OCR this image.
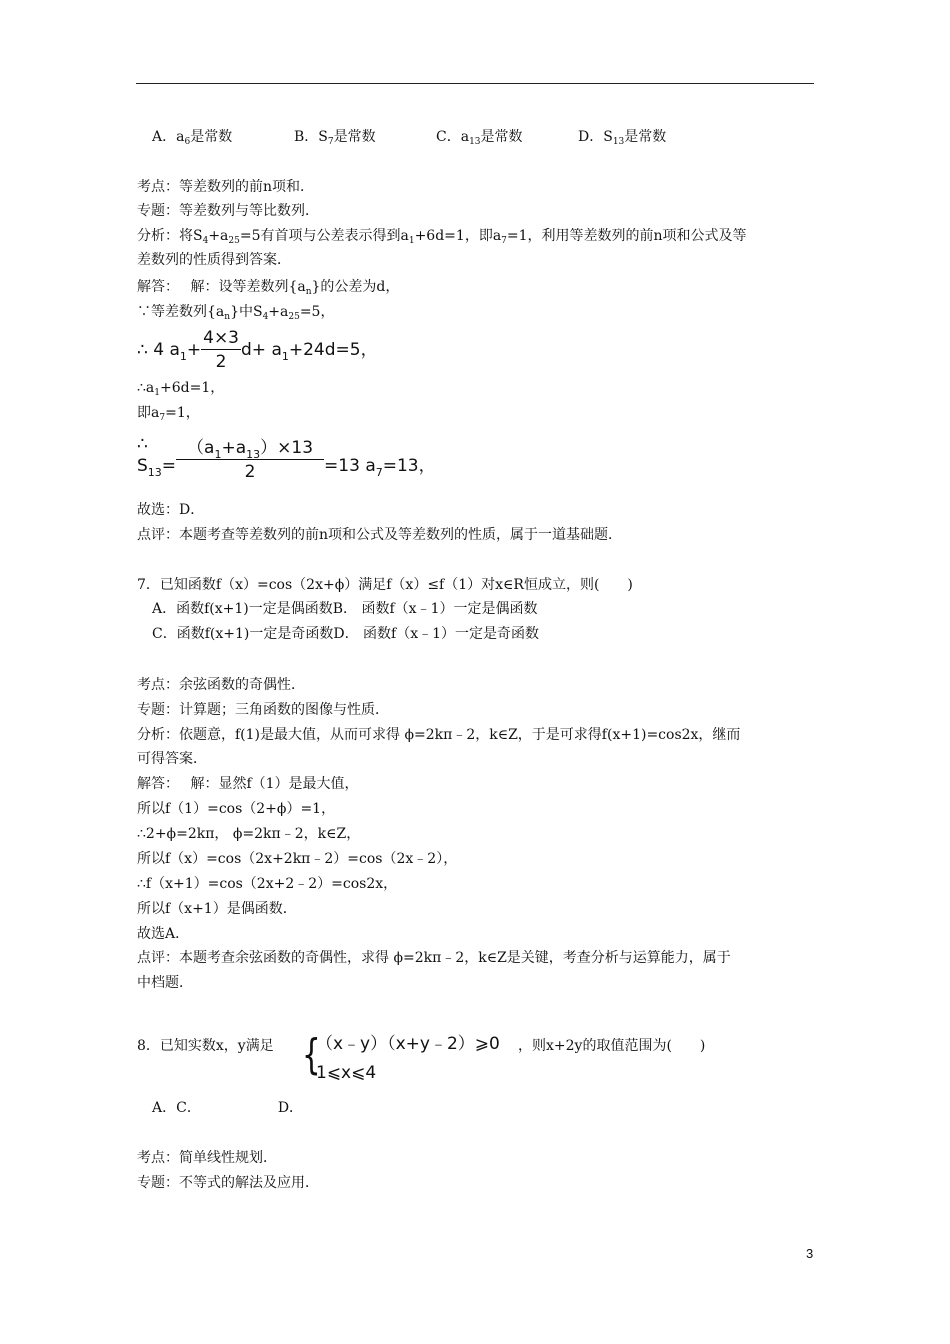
A．$a_6$是常数	B．$S_7$是常数	C．$a_{13}$是常数	D．$S_{13}$是常数
考点：等差数列的前n项和．
专题：等差数列与等比数列．
分析：将$S_4+a_{25}=5$有首项与公差表示得到$a_1+6d=1$，即$a_7=1$，利用等差数列的前n项和公式及等
差数列的性质得到答案．
解答：　 解：设等差数列$\{a_n\}$的公差为d，
∵等差数列$\{a_n\}$中$S_4+a_{25}=5$，
∴ 4 $a_1+ \frac{4\times 3}{2} d+ a_1+24d=5$，
$\therefore a_1+6d=1$，
即$a_7=1$，
∴
$S_{13}= \frac{(a_1+a_{13})\times 13}{2} =13$ $a_7=13$，
故选：D．
点评：本题考查等差数列的前n项和公式及等差数列的性质，属于一道基础题．
7．已知函数f（x）=cos（2x+ϕ）满足f（x）≤f（1）对x∈R恒成立，则(　　)
A．函数f(x+1)一定是偶函数B． 函数f（x﹣1）一定是偶函数
C．函数f(x+1)一定是奇函数D． 函数f（x﹣1）一定是奇函数
考点：余弦函数的奇偶性．
专题：计算题；三角函数的图像与性质．
分析：依题意，f(1)是最大值，从而可求得 ϕ=2kπ﹣2，k∈Z，于是可求得f(x+1)=cos2x，继而
可得答案．
解答：　 解：显然f（1）是最大值，
所以f（1）=cos（2+ϕ）=1，
∴2+ϕ=2kπ， ϕ=2kπ﹣2，k∈Z，
所以f（x）=cos（2x+2kπ﹣2）=cos（2x﹣2），
∴f（x+1）=cos（2x+2﹣2）=cos2x，
所以f（x+1）是偶函数．
故选A．
点评：本题考查余弦函数的奇偶性，求得 ϕ=2kπ﹣2，k∈Z是关键，考查分析与运算能力，属于
中档题．
8．已知实数x，y满足 {
（x﹣y）（x+y﹣2）⩾0
1⩽x⩽4
，则x+2y的取值范围为(　　)
A．C．　　　　　　D．
考点：简单线性规划．
专题：不等式的解法及应用．
3
